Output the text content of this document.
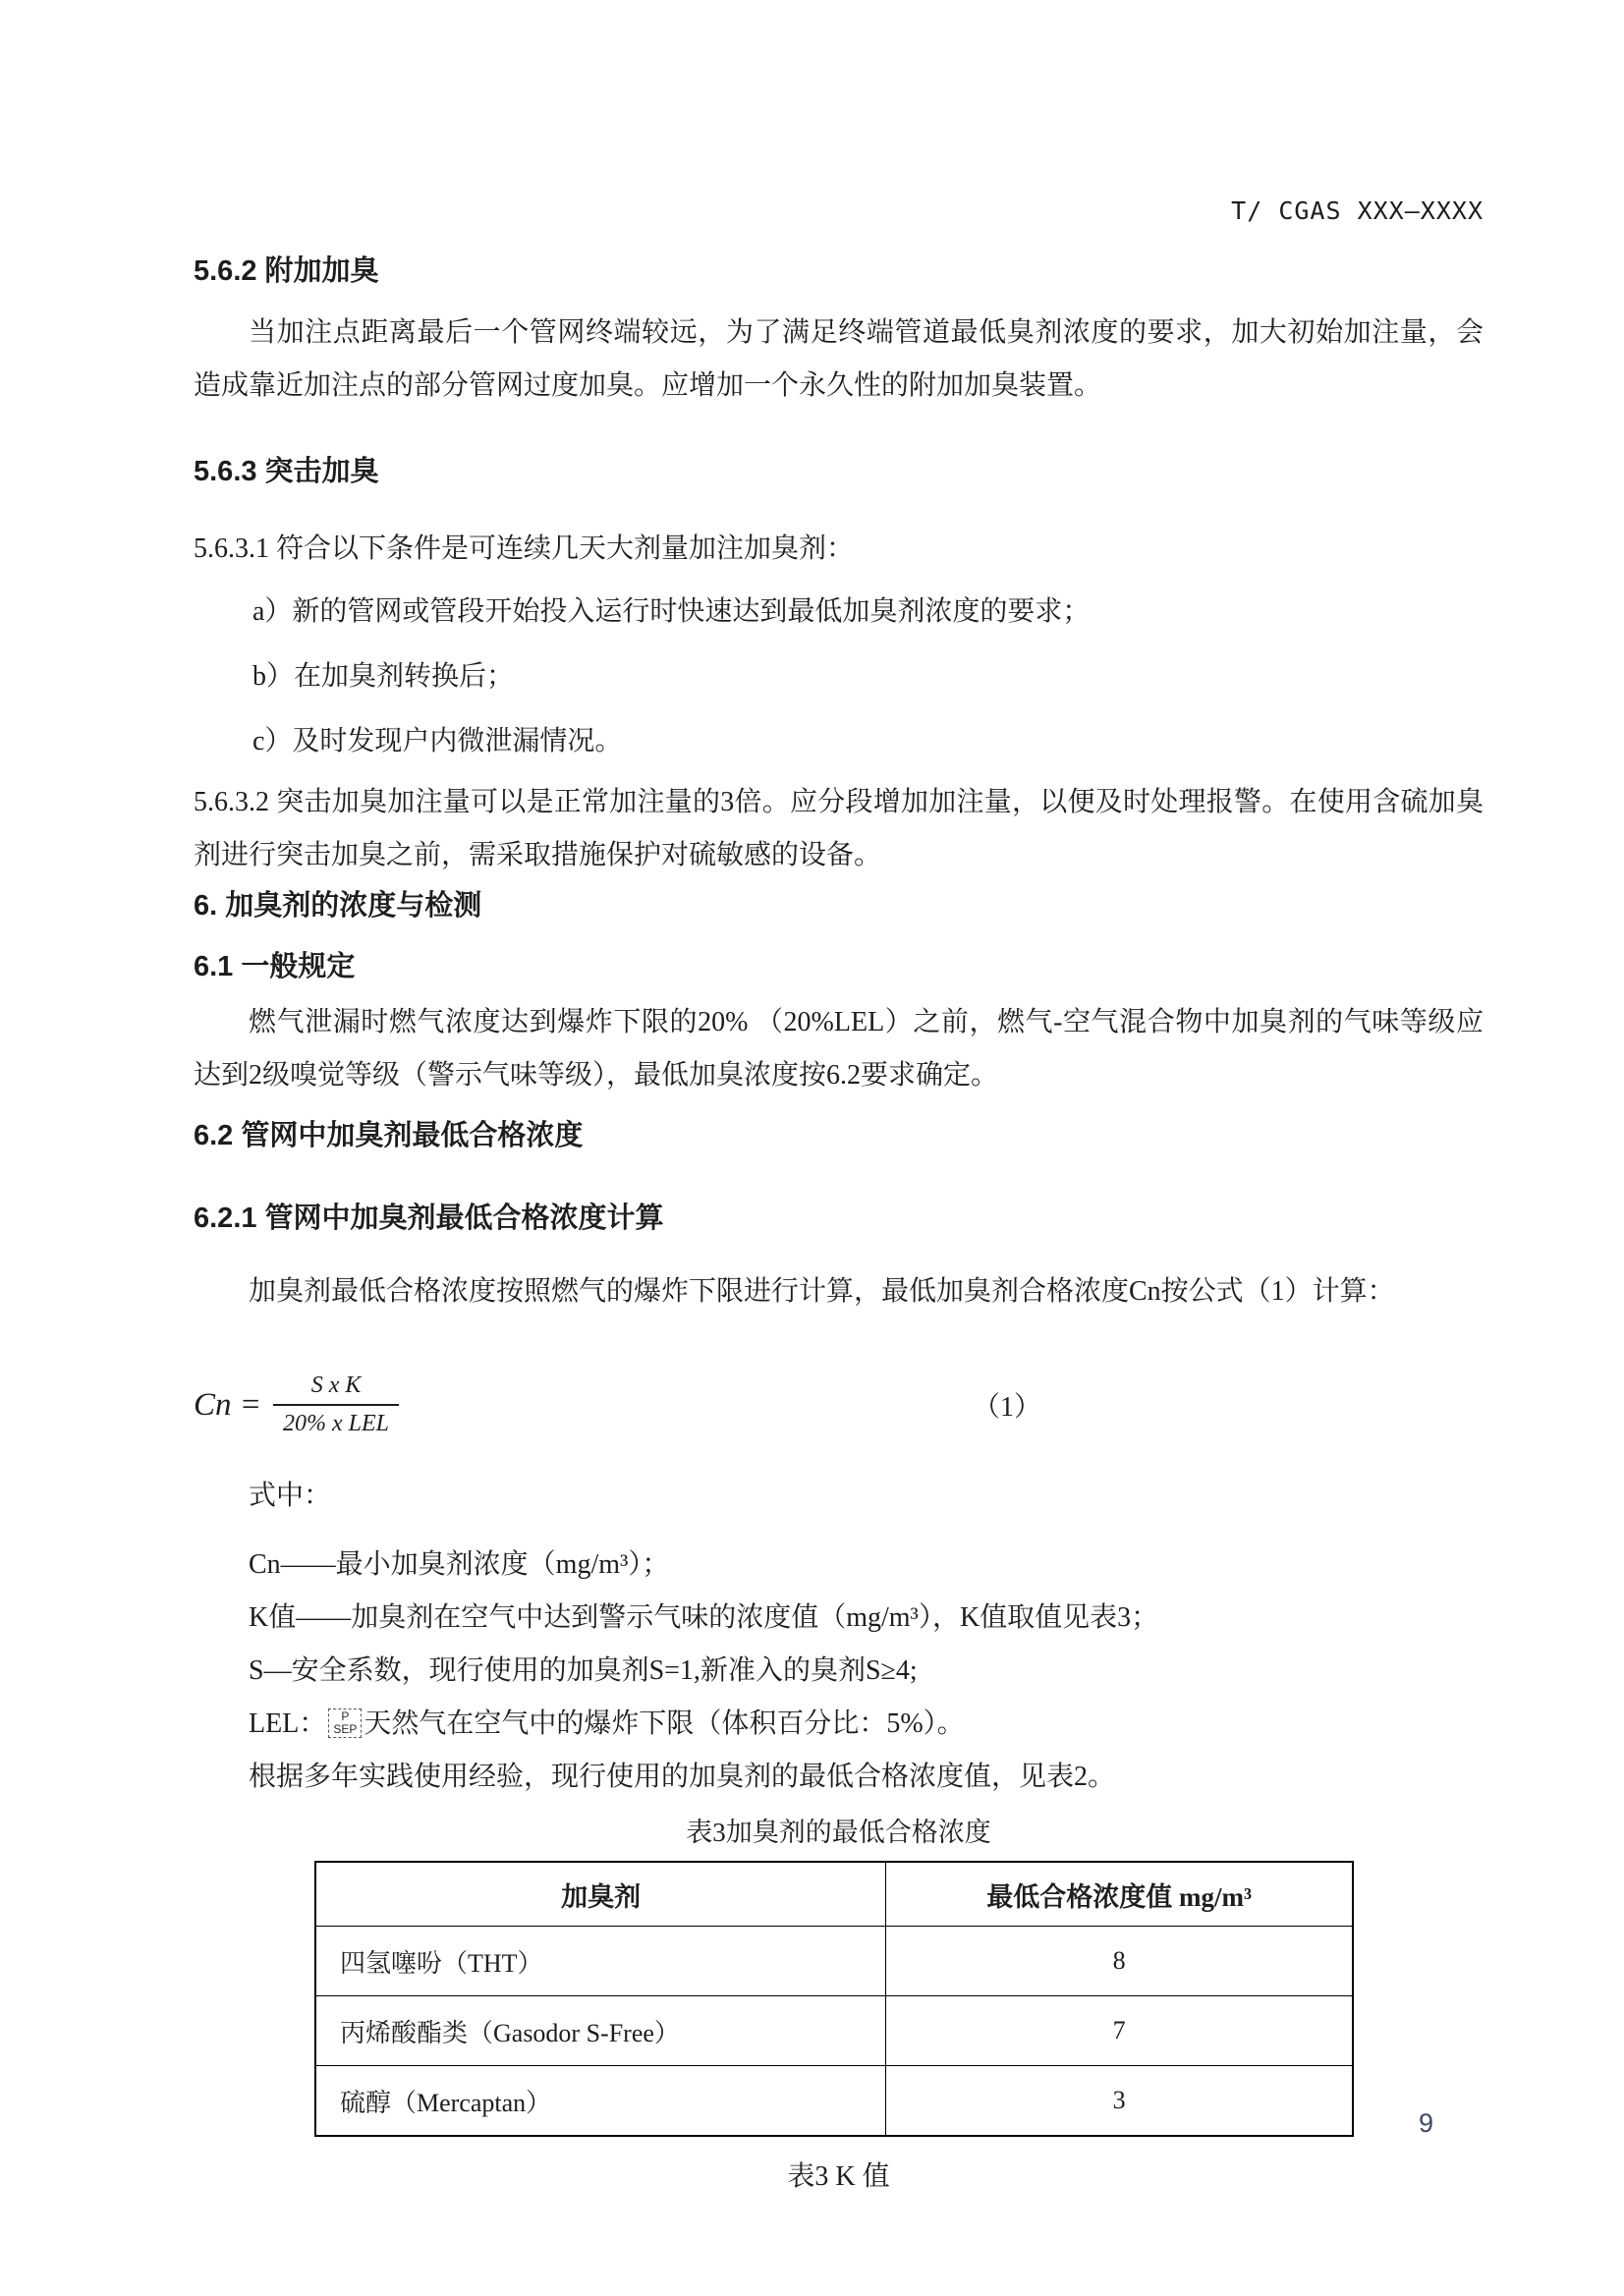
T/ CGAS XXX—XXXX
5.6.2 附加加臭

当加注点距离最后一个管网终端较远，为了满足终端管道最低臭剂浓度的要求，加大初始加注量，会造成靠近加注点的部分管网过度加臭。应增加一个永久性的附加加臭装置。

5.6.3 突击加臭

5.6.3.1 符合以下条件是可连续几天大剂量加注加臭剂：

a）新的管网或管段开始投入运行时快速达到最低加臭剂浓度的要求；

b）在加臭剂转换后；

c）及时发现户内微泄漏情况。

5.6.3.2 突击加臭加注量可以是正常加注量的3倍。应分段增加加注量，以便及时处理报警。在使用含硫加臭剂进行突击加臭之前，需采取措施保护对硫敏感的设备。

6. 加臭剂的浓度与检测
6.1 一般规定

燃气泄漏时燃气浓度达到爆炸下限的20% （20%LEL）之前，燃气-空气混合物中加臭剂的气味等级应达到2级嗅觉等级（警示气味等级），最低加臭浓度按6.2要求确定。

6.2 管网中加臭剂最低合格浓度
6.2.1 管网中加臭剂最低合格浓度计算

加臭剂最低合格浓度按照燃气的爆炸下限进行计算，最低加臭剂合格浓度Cn按公式（1）计算：

$Cn = \frac{\text{S x K}}{\text{20\% x LEL}}$	（1）

式中：

Cn——最小加臭剂浓度（mg/m³）；

K值——加臭剂在空气中达到警示气味的浓度值（mg/m³），K值取值见表3；

S—安全系数，现行使用的加臭剂S=1,新准入的臭剂S≥4;

LEL：	P
SEP 天然气在空气中的爆炸下限（体积百分比：5%）。

根据多年实践使用经验，现行使用的加臭剂的最低合格浓度值，见表2。

表3加臭剂的最低合格浓度
加臭剂	最低合格浓度值 mg/m³
四氢噻吩（THT）	8
丙烯酸酯类（Gasodor S-Free）	7
硫醇（Mercaptan）	3
表3 K 值
9
